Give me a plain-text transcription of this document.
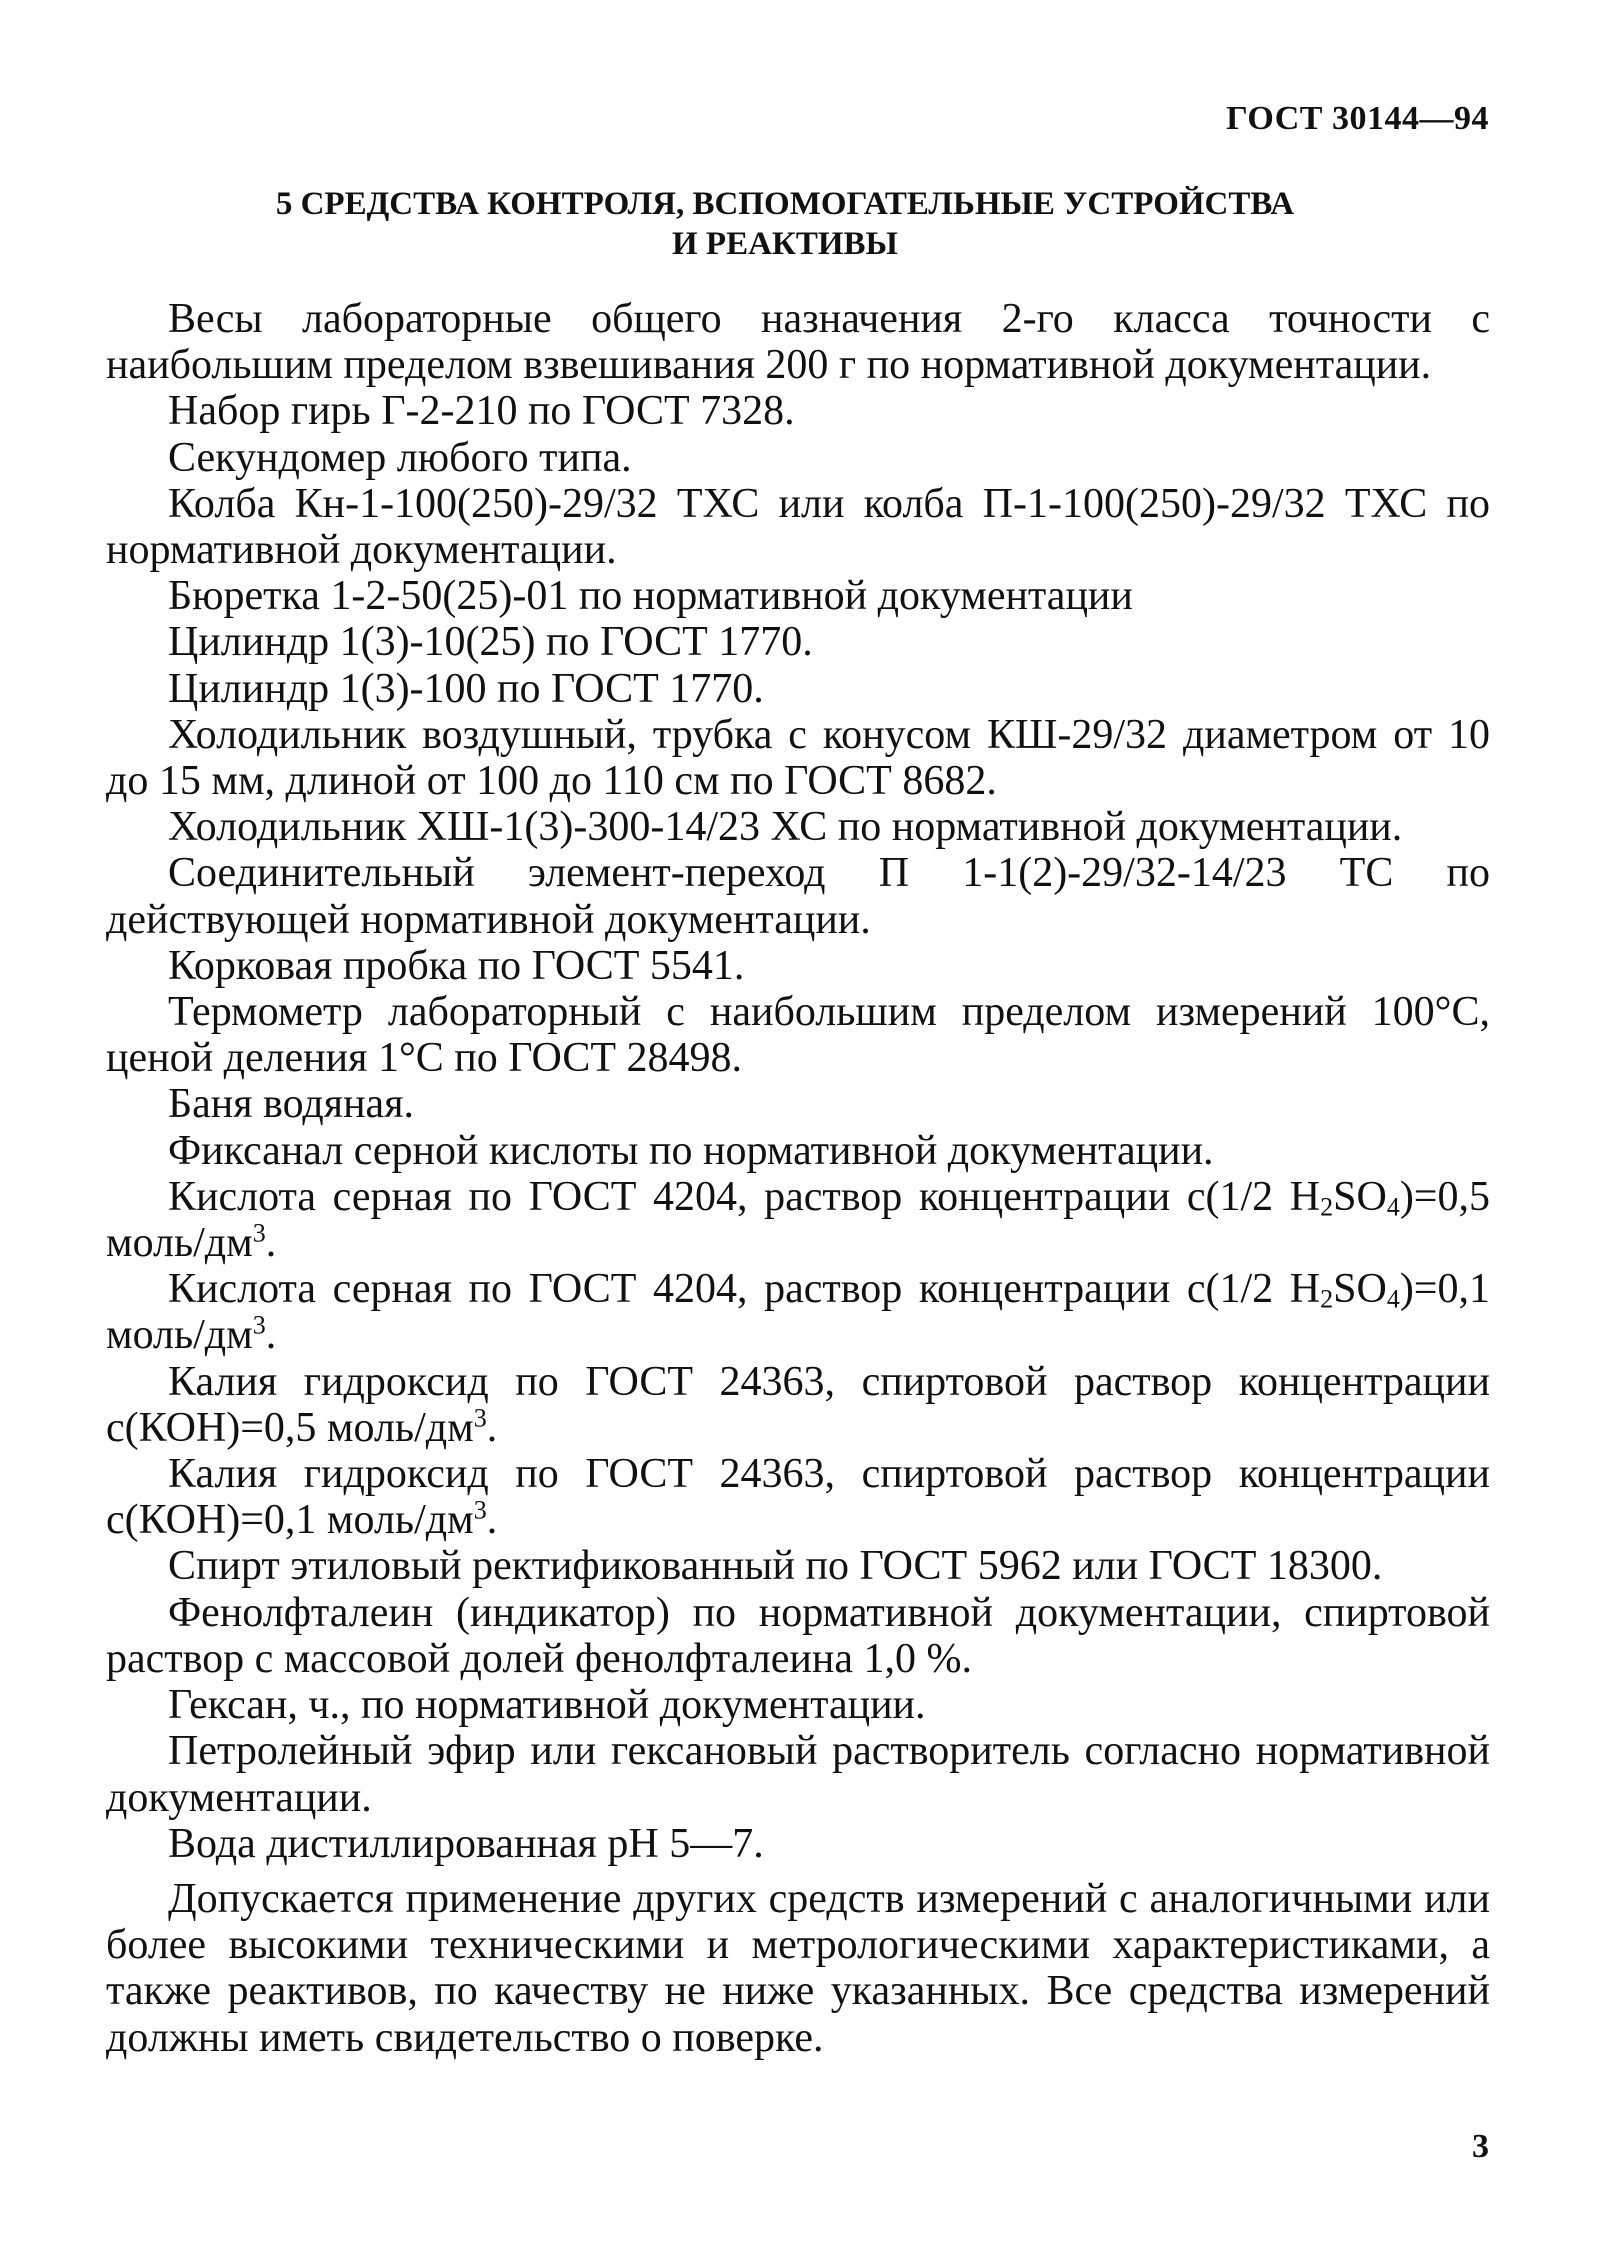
ГОСТ 30144—94
5 СРЕДСТВА КОНТРОЛЯ, ВСПОМОГАТЕЛЬНЫЕ УСТРОЙСТВА
И РЕАКТИВЫ

Весы лабораторные общего назначения 2-го класса точности с наибольшим пределом взвешивания 200 г по нормативной документации.

Набор гирь Г-2-210 по ГОСТ 7328.

Секундомер любого типа.

Колба Кн-1-100(250)-29/32 ТХС или колба П-1-100(250)-29/32 ТХС по нормативной документации.

Бюретка 1-2-50(25)-01 по нормативной документации

Цилиндр 1(3)-10(25) по ГОСТ 1770.

Цилиндр 1(3)-100 по ГОСТ 1770.

Холодильник воздушный, трубка с конусом КШ-29/32 диаметром от 10 до 15 мм, длиной от 100 до 110 см по ГОСТ 8682.

Холодильник ХШ-1(3)-300-14/23 ХС по нормативной документации.

Соединительный элемент-переход П 1-1(2)-29/32-14/23 ТС по действующей нормативной документации.

Корковая пробка по ГОСТ 5541.

Термометр лабораторный с наибольшим пределом измерений 100°С, ценой деления 1°С по ГОСТ 28498.

Баня водяная.

Фиксанал серной кислоты по нормативной документации.

Кислота серная по ГОСТ 4204, раствор концентрации с(1/2 $Н_2SO_4)=0,5$ моль/$дм^3$.

Кислота серная по ГОСТ 4204, раствор концентрации с(1/2 $Н_2SO_4)=0,1$ моль/$дм^3$.

Калия гидроксид по ГОСТ 24363, спиртовой раствор концентрации с(КОН)=0,5 моль/$дм^3$.

Калия гидроксид по ГОСТ 24363, спиртовой раствор концентрации с(КОН)=0,1 моль/$дм^3$.

Спирт этиловый ректификованный по ГОСТ 5962 или ГОСТ 18300.

Фенолфталеин (индикатор) по нормативной документации, спиртовой раствор с массовой долей фенолфталеина 1,0 %.

Гексан, ч., по нормативной документации.

Петролейный эфир или гексановый растворитель согласно нормативной документации.

Вода дистиллированная рН 5—7.

Допускается применение других средств измерений с аналогичными или более высокими техническими и метрологическими характеристиками, а также реактивов, по качеству не ниже указанных. Все средства измерений должны иметь свидетельство о поверке.

3
